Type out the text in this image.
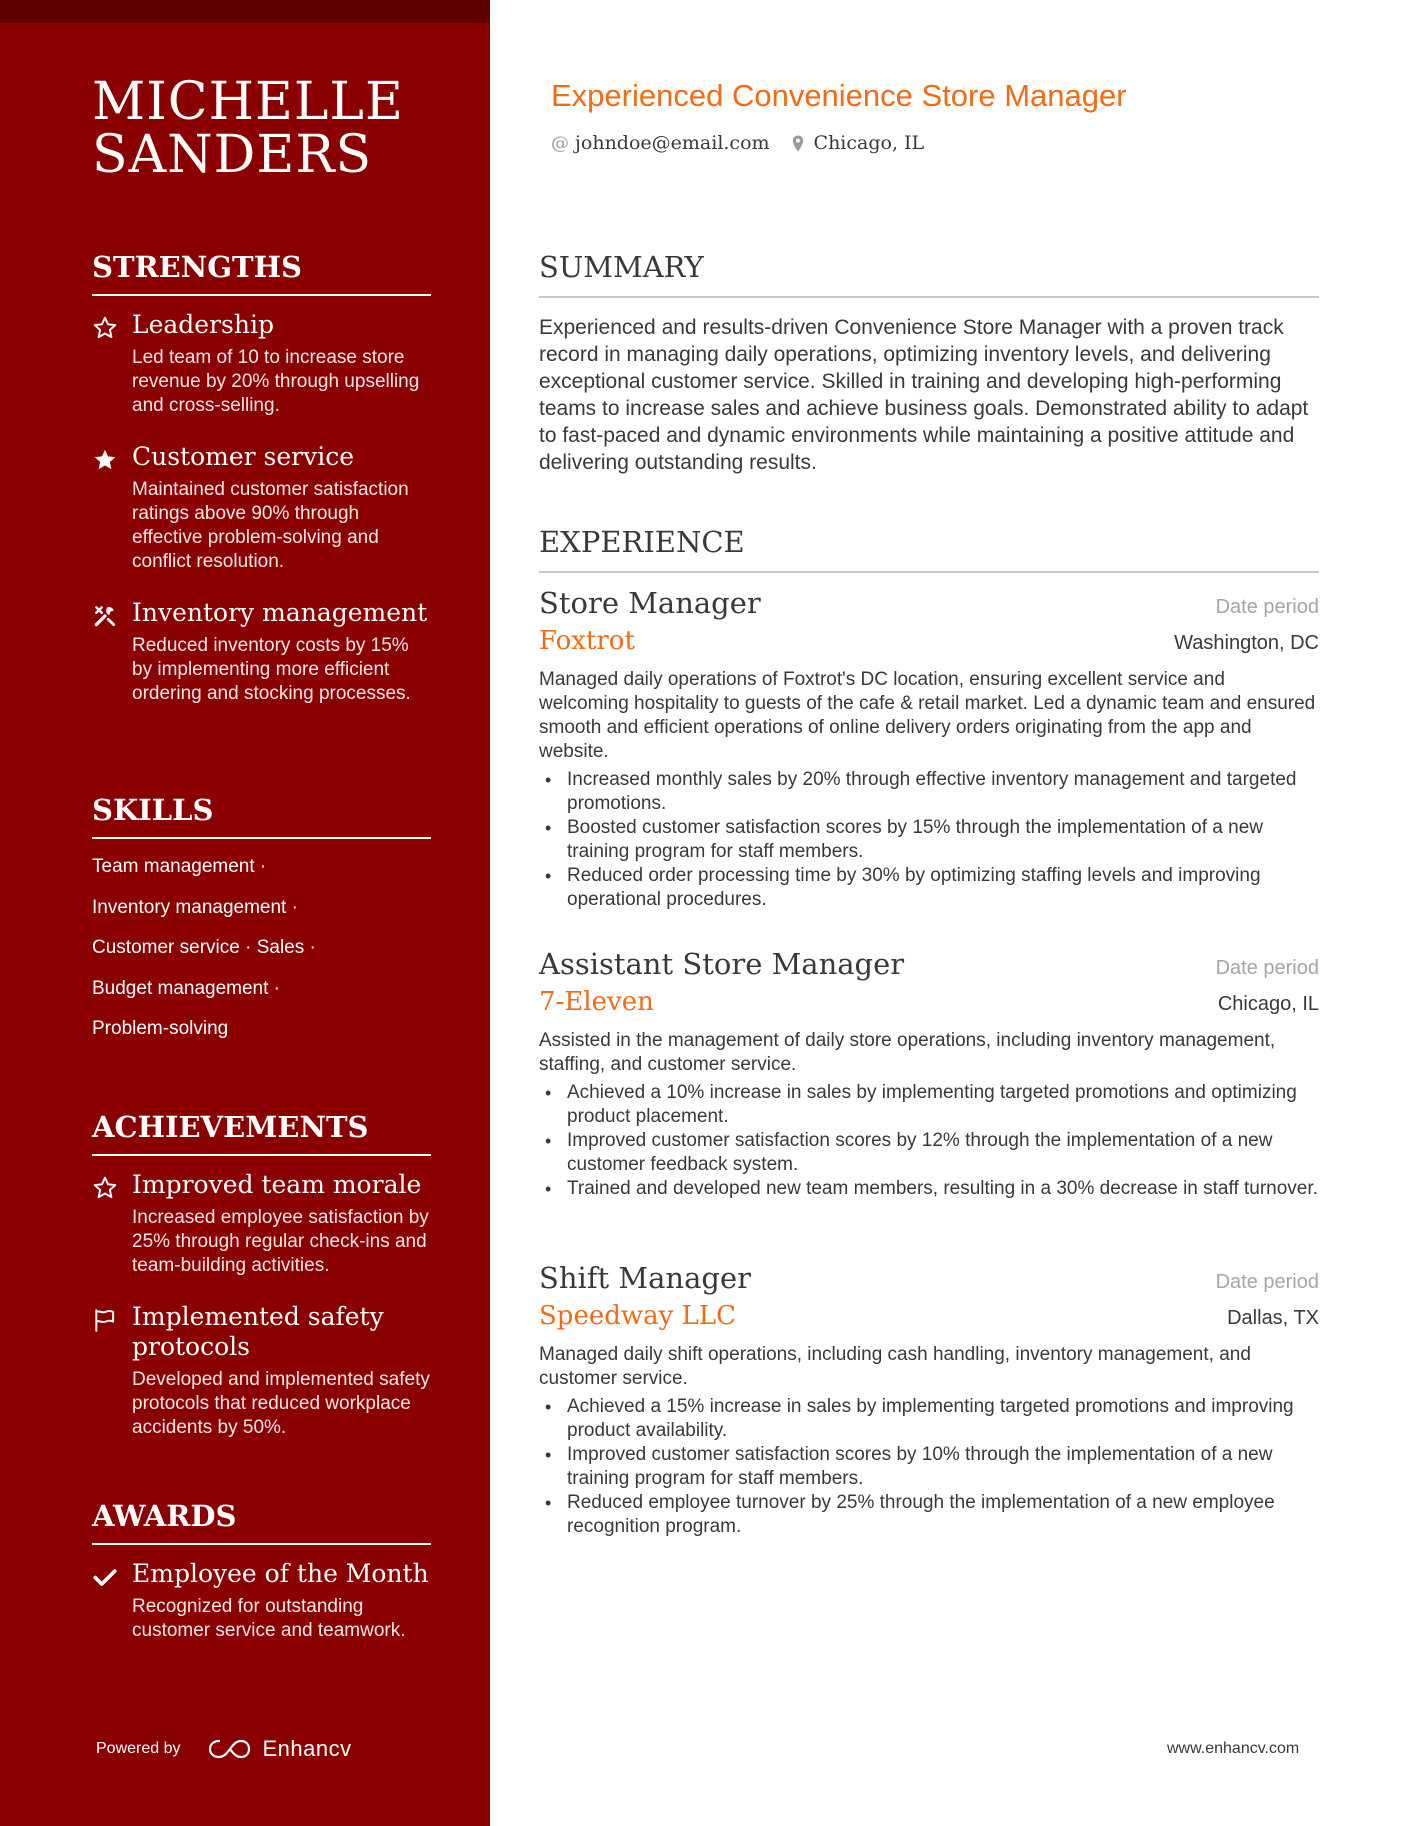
MICHELLE
SANDERS
STRENGTHS
Leadership
Led team of 10 to increase store revenue by 20% through upselling and cross-selling.
Customer service
Maintained customer satisfaction ratings above 90% through effective problem-solving and conflict resolution.
Inventory management
Reduced inventory costs by 15% by implementing more efficient ordering and stocking processes.
SKILLS
Team management ·
Inventory management ·
Customer service · Sales ·
Budget management ·
Problem-solving
ACHIEVEMENTS
Improved team morale
Increased employee satisfaction by 25% through regular check-ins and team-building activities.
Implemented safety protocols
Developed and implemented safety protocols that reduced workplace accidents by 50%.
AWARDS
Employee of the Month
Recognized for outstanding customer service and teamwork.
Powered by	Enhancv
Experienced Convenience Store Manager
@ johndoe@email.com Chicago, IL
SUMMARY

Experienced and results-driven Convenience Store Manager with a proven track record in managing daily operations, optimizing inventory levels, and delivering exceptional customer service. Skilled in training and developing high-performing teams to increase sales and achieve business goals. Demonstrated ability to adapt to fast-paced and dynamic environments while maintaining a positive attitude and delivering outstanding results.

EXPERIENCE
Store Manager	Date period
Foxtrot	Washington, DC

Managed daily operations of Foxtrot's DC location, ensuring excellent service and welcoming hospitality to guests of the cafe & retail market. Led a dynamic team and ensured smooth and efficient operations of online delivery orders originating from the app and website.

• Increased monthly sales by 20% through effective inventory management and targeted promotions.
• Boosted customer satisfaction scores by 15% through the implementation of a new training program for staff members.
• Reduced order processing time by 30% by optimizing staffing levels and improving operational procedures.
Assistant Store Manager	Date period
7-Eleven	Chicago, IL

Assisted in the management of daily store operations, including inventory management, staffing, and customer service.

• Achieved a 10% increase in sales by implementing targeted promotions and optimizing product placement.
• Improved customer satisfaction scores by 12% through the implementation of a new customer feedback system.
• Trained and developed new team members, resulting in a 30% decrease in staff turnover.
Shift Manager	Date period
Speedway LLC	Dallas, TX

Managed daily shift operations, including cash handling, inventory management, and customer service.

• Achieved a 15% increase in sales by implementing targeted promotions and improving product availability.
• Improved customer satisfaction scores by 10% through the implementation of a new training program for staff members.
• Reduced employee turnover by 25% through the implementation of a new employee recognition program.
www.enhancv.com
